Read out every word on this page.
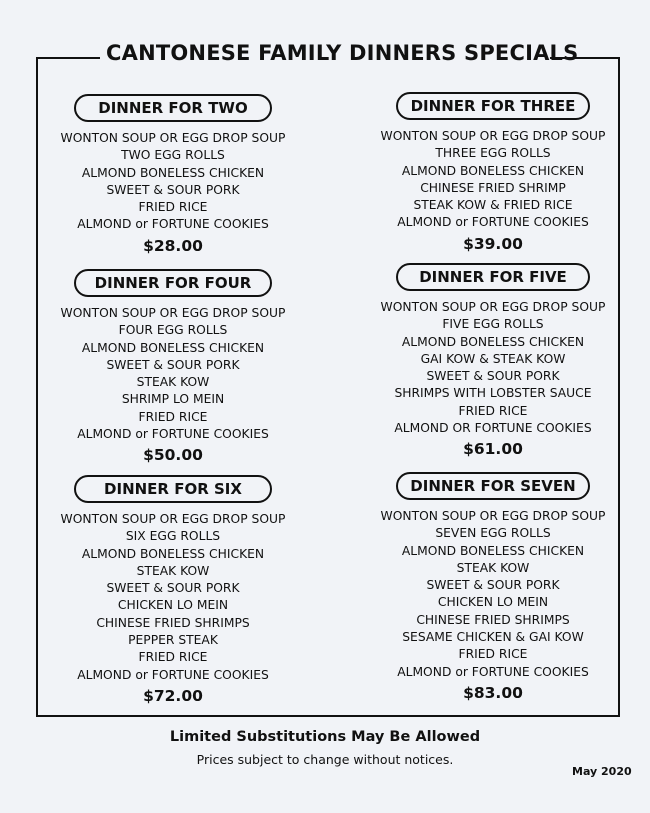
CANTONESE FAMILY DINNERS SPECIALS
DINNER FOR TWO
WONTON SOUP OR EGG DROP SOUP
TWO EGG ROLLS
ALMOND BONELESS CHICKEN
SWEET & SOUR PORK
FRIED RICE
ALMOND or FORTUNE COOKIES
$28.00
DINNER FOR THREE
WONTON SOUP OR EGG DROP SOUP
THREE EGG ROLLS
ALMOND BONELESS CHICKEN
CHINESE FRIED SHRIMP
STEAK KOW & FRIED RICE
ALMOND or FORTUNE COOKIES
$39.00
DINNER FOR FOUR
WONTON SOUP OR EGG DROP SOUP
FOUR EGG ROLLS
ALMOND BONELESS CHICKEN
SWEET & SOUR PORK
STEAK KOW
SHRIMP LO MEIN
FRIED RICE
ALMOND or FORTUNE COOKIES
$50.00
DINNER FOR FIVE
WONTON SOUP OR EGG DROP SOUP
FIVE EGG ROLLS
ALMOND BONELESS CHICKEN
GAI KOW & STEAK KOW
SWEET & SOUR PORK
SHRIMPS WITH LOBSTER SAUCE
FRIED RICE
ALMOND OR FORTUNE COOKIES
$61.00
DINNER FOR SIX
WONTON SOUP OR EGG DROP SOUP
SIX EGG ROLLS
ALMOND BONELESS CHICKEN
STEAK KOW
SWEET & SOUR PORK
CHICKEN LO MEIN
CHINESE FRIED SHRIMPS
PEPPER STEAK
FRIED RICE
ALMOND or FORTUNE COOKIES
$72.00
DINNER FOR SEVEN
WONTON SOUP OR EGG DROP SOUP
SEVEN EGG ROLLS
ALMOND BONELESS CHICKEN
STEAK KOW
SWEET & SOUR PORK
CHICKEN LO MEIN
CHINESE FRIED SHRIMPS
SESAME CHICKEN & GAI KOW
FRIED RICE
ALMOND or FORTUNE COOKIES
$83.00
Limited Substitutions May Be Allowed
Prices subject to change without notices.
May 2020
